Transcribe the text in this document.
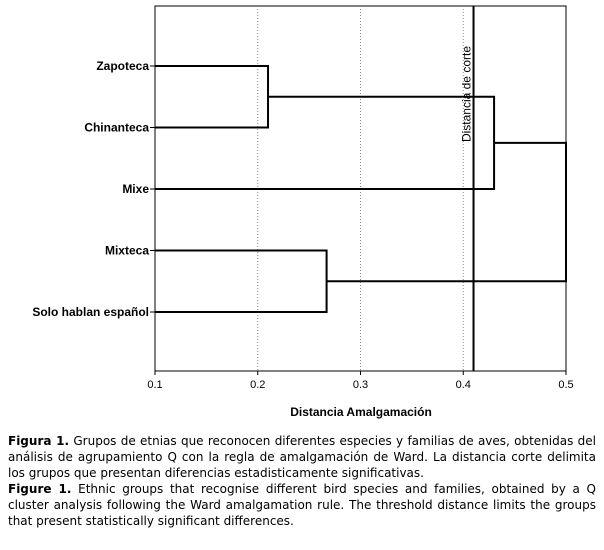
Distancia de corte
Zapoteca
Chinanteca
Mixe
Mixteca
Solo hablan español
0.1	0.2	0.3	0.4	0.5
Distancia Amalgamación

Figura 1. Grupos de etnias que reconocen diferentes especies y familias de aves, obtenidas del análisis de agrupamiento Q con la regla de amalgamación de Ward. La distancia corte delimita los grupos que presentan diferencias estadisticamente significativas.

Figure 1. Ethnic groups that recognise different bird species and families, obtained by a Q cluster analysis following the Ward amalgamation rule. The threshold distance limits the groups that present statistically significant differences.
